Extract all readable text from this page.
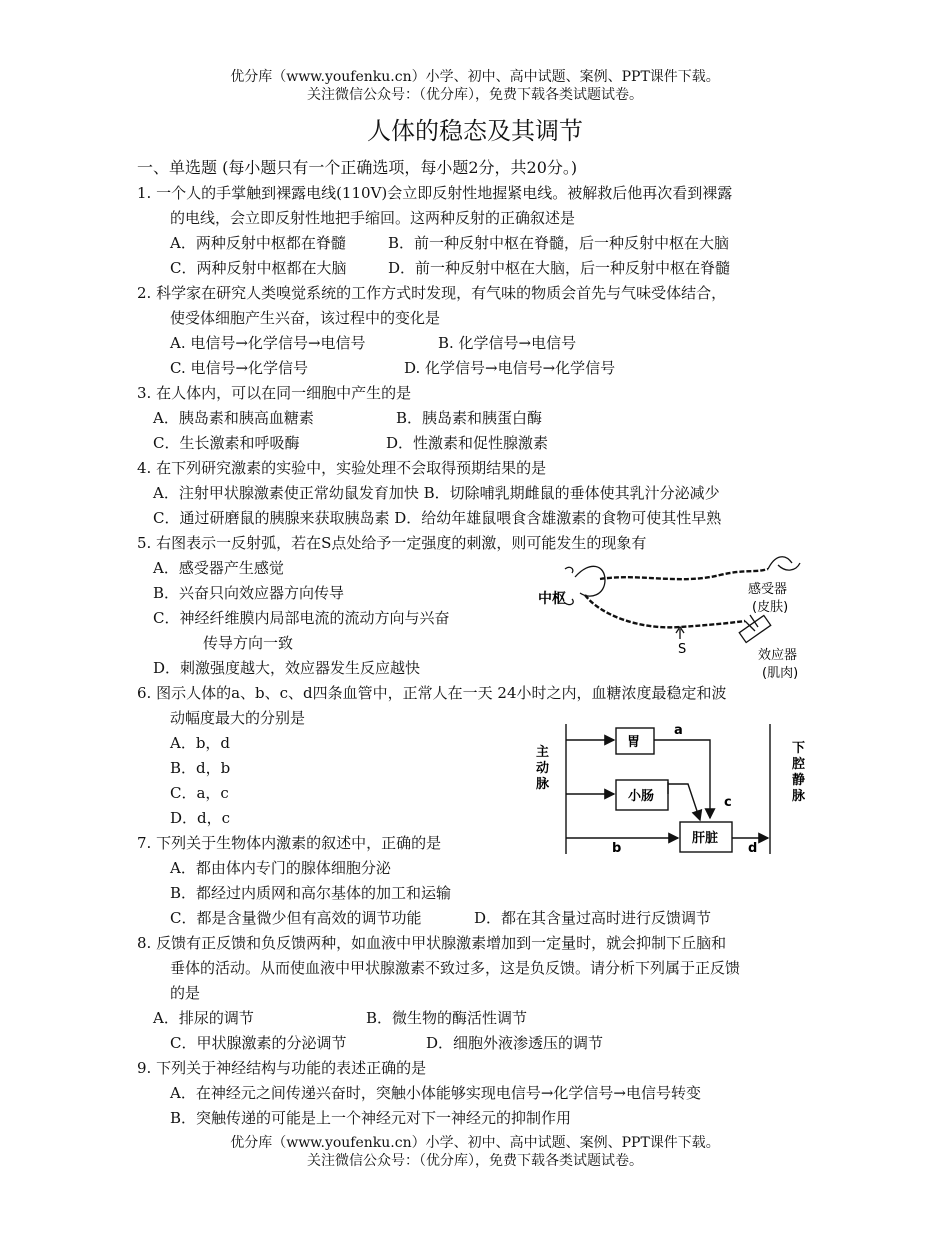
优分库（www.youfenku.cn）小学、初中、高中试题、案例、PPT课件下载。
关注微信公众号：（优分库），免费下载各类试题试卷。
人体的稳态及其调节
一、单选题 (每小题只有一个正确选项，每小题2分，共20分。)
1. 一个人的手掌触到裸露电线(110V)会立即反射性地握紧电线。被解救后他再次看到裸露
的电线，会立即反射性地把手缩回。这两种反射的正确叙述是
A．两种反射中枢都在脊髓	B．前一种反射中枢在脊髓，后一种反射中枢在大脑
C．两种反射中枢都在大脑	D．前一种反射中枢在大脑，后一种反射中枢在脊髓
2. 科学家在研究人类嗅觉系统的工作方式时发现，有气味的物质会首先与气味受体结合，
使受体细胞产生兴奋，该过程中的变化是
A. 电信号→化学信号→电信号	B. 化学信号→电信号
C. 电信号→化学信号	D. 化学信号→电信号→化学信号
3. 在人体内，可以在同一细胞中产生的是
A．胰岛素和胰高血糖素	B．胰岛素和胰蛋白酶
C．生长激素和呼吸酶	D．性激素和促性腺激素
4. 在下列研究激素的实验中，实验处理不会取得预期结果的是
A．注射甲状腺激素使正常幼鼠发育加快 B．切除哺乳期雌鼠的垂体使其乳汁分泌减少
C．通过研磨鼠的胰腺来获取胰岛素 D．给幼年雄鼠喂食含雄激素的食物可使其性早熟
5. 右图表示一反射弧，若在S点处给予一定强度的刺激，则可能发生的现象有
A．感受器产生感觉
B．兴奋只向效应器方向传导
C．神经纤维膜内局部电流的流动方向与兴奋
传导方向一致
D．刺激强度越大，效应器发生反应越快
中枢
感受器
(皮肤)
S	效应器
(肌肉)
6. 图示人体的a、b、c、d四条血管中，正常人在一天 24小时之内，血糖浓度最稳定和波
动幅度最大的分别是
A．b，d
B．d，b
C．a，c
D．d，c
主
动
脉
下
腔
静
脉
胃
小肠
肝脏
a
b
c
d
7. 下列关于生物体内激素的叙述中，正确的是
A．都由体内专门的腺体细胞分泌
B．都经过内质网和高尔基体的加工和运输
C．都是含量微少但有高效的调节功能	D．都在其含量过高时进行反馈调节
8. 反馈有正反馈和负反馈两种，如血液中甲状腺激素增加到一定量时，就会抑制下丘脑和
垂体的活动。从而使血液中甲状腺激素不致过多，这是负反馈。请分析下列属于正反馈
的是
A．排尿的调节	B．微生物的酶活性调节
C．甲状腺激素的分泌调节	D．细胞外液渗透压的调节
9. 下列关于神经结构与功能的表述正确的是
A．在神经元之间传递兴奋时，突触小体能够实现电信号→化学信号→电信号转变
B．突触传递的可能是上一个神经元对下一神经元的抑制作用
优分库（www.youfenku.cn）小学、初中、高中试题、案例、PPT课件下载。
关注微信公众号：（优分库），免费下载各类试题试卷。
